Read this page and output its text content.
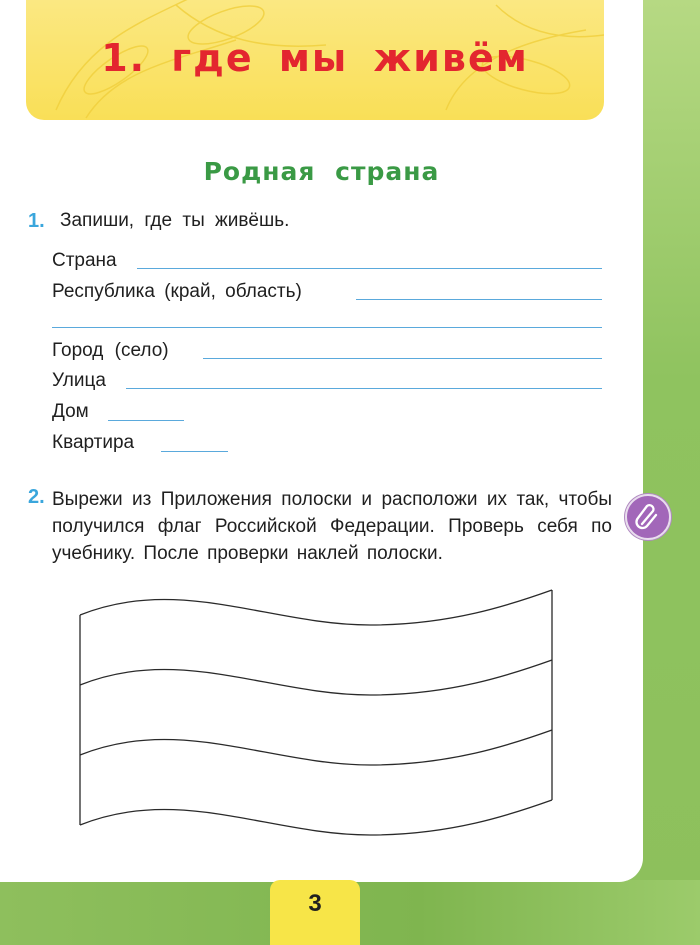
1. где мы живём
Родная страна
1. Запиши, где ты живёшь.
Страна
Республика (край, область)
Город (село)
Улица
Дом
Квартира
2. Вырежи из Приложения полоски и расположи их так, чтобы получился флаг Российской Федерации. Проверь себя по учебнику. После проверки наклей полоски.
3
